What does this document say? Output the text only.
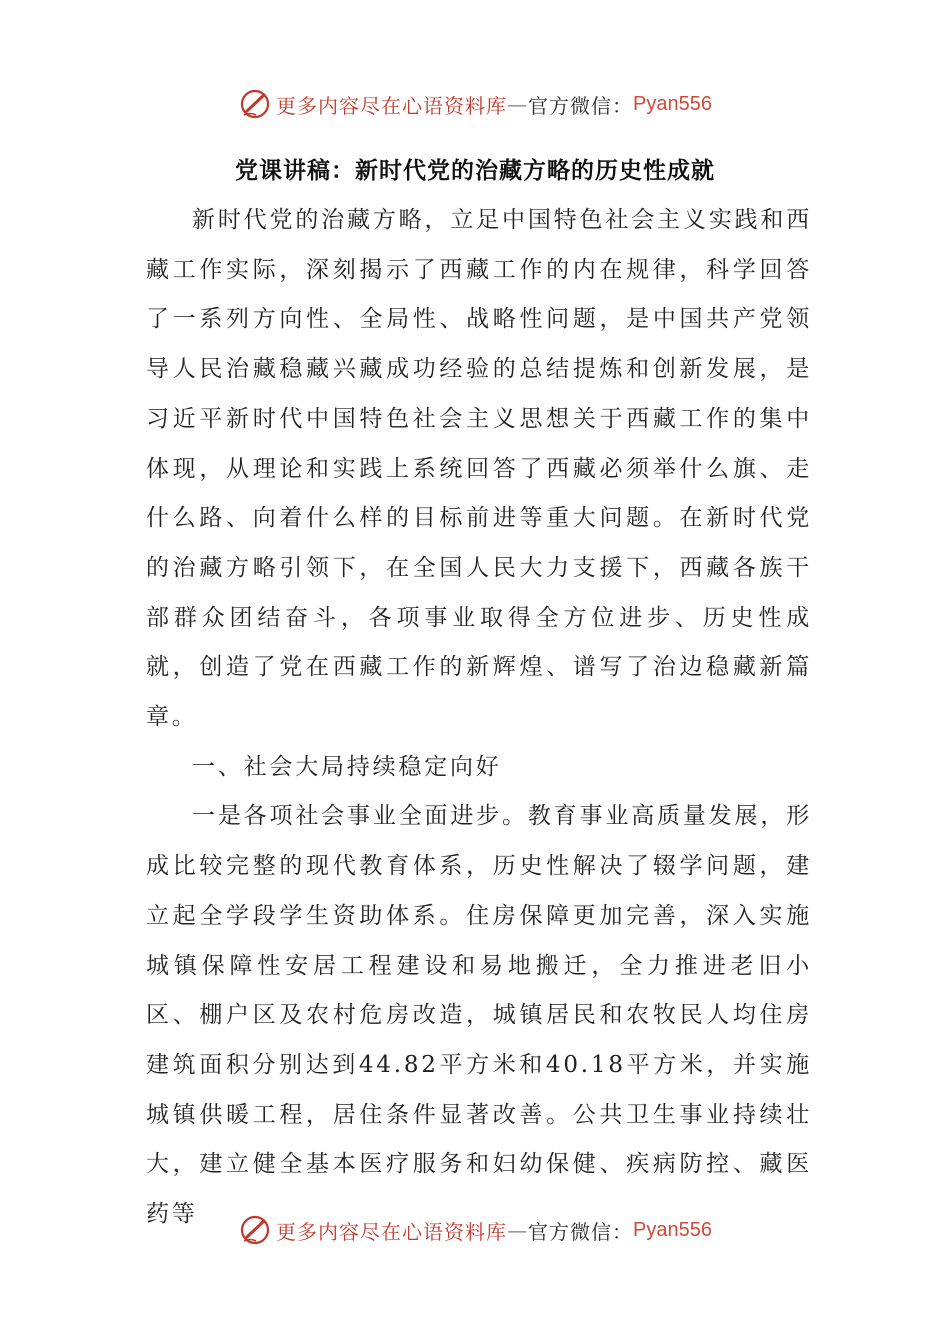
更多内容尽在心语资料库 — 官方微信： Pyan556
党课讲稿：新时代党的治藏方略的历史性成就

新时代党的治藏方略，立足中国特色社会主义实践和西藏工作实际，深刻揭示了西藏工作的内在规律，科学回答了一系列方向性、全局性、战略性问题，是中国共产党领导人民治藏稳藏兴藏成功经验的总结提炼和创新发展，是习近平新时代中国特色社会主义思想关于西藏工作的集中体现，从理论和实践上系统回答了西藏必须举什么旗、走什么路、向着什么样的目标前进等重大问题。在新时代党的治藏方略引领下，在全国人民大力支援下，西藏各族干部群众团结奋斗，各项事业取得全方位进步、历史性成就，创造了党在西藏工作的新辉煌、谱写了治边稳藏新篇章。

一、社会大局持续稳定向好

一是各项社会事业全面进步。教育事业高质量发展，形成比较完整的现代教育体系，历史性解决了辍学问题，建立起全学段学生资助体系。住房保障更加完善，深入实施城镇保障性安居工程建设和易地搬迁，全力推进老旧小区、棚户区及农村危房改造，城镇居民和农牧民人均住房建筑面积分别达到44.82平方米和40.18平方米，并实施城镇供暖工程，居住条件显著改善。公共卫生事业持续壮大，建立健全基本医疗服务和妇幼保健、疾病防控、藏医药等

更多内容尽在心语资料库 — 官方微信： Pyan556
